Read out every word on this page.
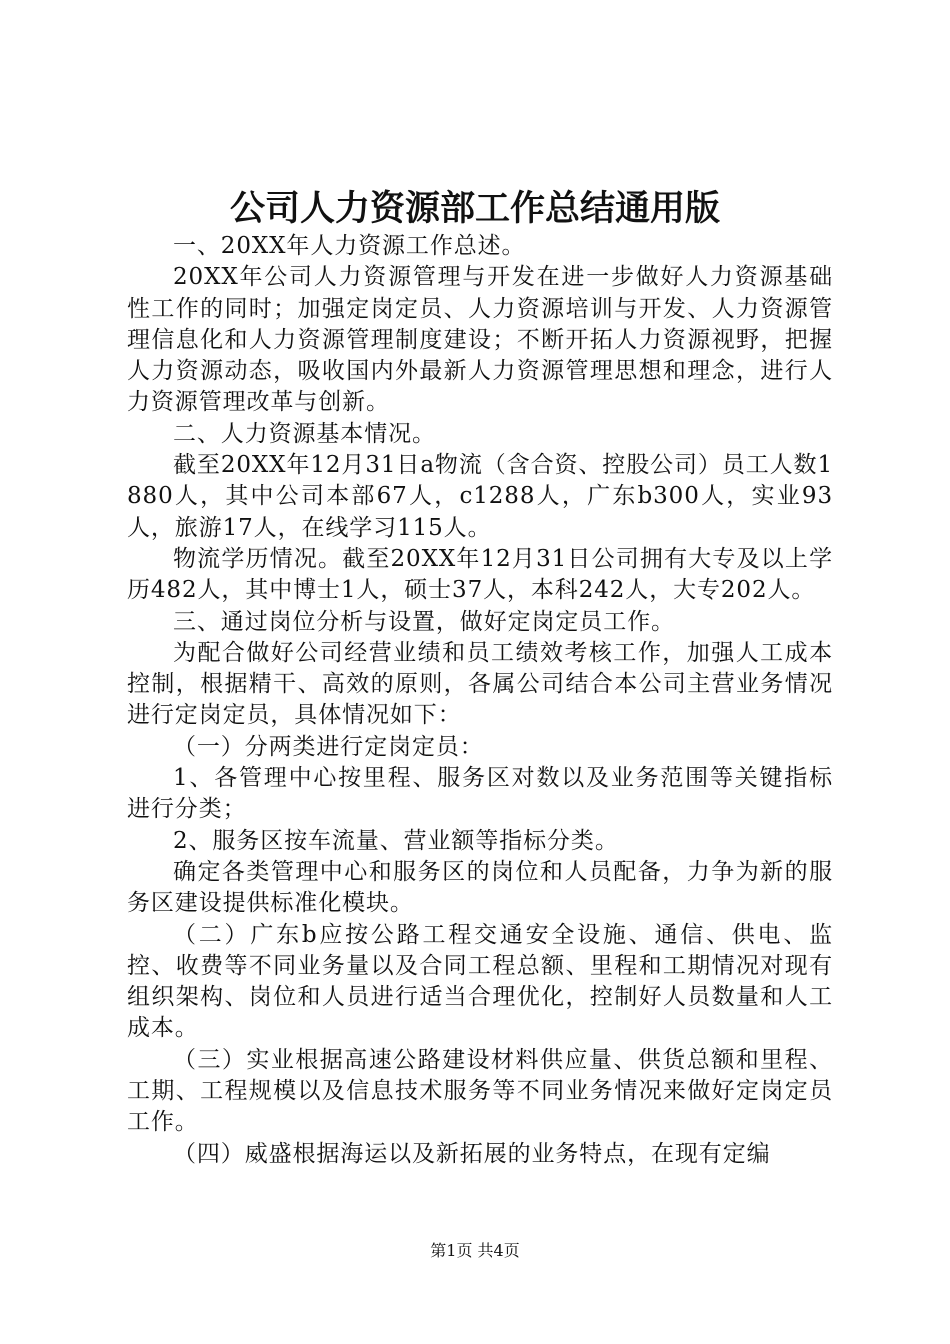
公司人力资源部工作总结通用版

一、20XX年人力资源工作总述。

20XX年公司人力资源管理与开发在进一步做好人力资源基础性工作的同时；加强定岗定员、人力资源培训与开发、人力资源管理信息化和人力资源管理制度建设；不断开拓人力资源视野，把握人力资源动态，吸收国内外最新人力资源管理思想和理念，进行人力资源管理改革与创新。

二、人力资源基本情况。

截至20XX年12月31日a物流（含合资、控股公司）员工人数1880人，其中公司本部67人，c1288人，广东b300人，实业93人，旅游17人，在线学习115人。

物流学历情况。截至20XX年12月31日公司拥有大专及以上学历482人，其中博士1人，硕士37人，本科242人，大专202人。

三、通过岗位分析与设置，做好定岗定员工作。

为配合做好公司经营业绩和员工绩效考核工作，加强人工成本控制，根据精干、高效的原则，各属公司结合本公司主营业务情况进行定岗定员，具体情况如下：

（一）分两类进行定岗定员：

1、各管理中心按里程、服务区对数以及业务范围等关键指标进行分类；

2、服务区按车流量、营业额等指标分类。

确定各类管理中心和服务区的岗位和人员配备，力争为新的服务区建设提供标准化模块。

（二）广东b应按公路工程交通安全设施、通信、供电、监控、收费等不同业务量以及合同工程总额、里程和工期情况对现有组织架构、岗位和人员进行适当合理优化，控制好人员数量和人工成本。

（三）实业根据高速公路建设材料供应量、供货总额和里程、工期、工程规模以及信息技术服务等不同业务情况来做好定岗定员工作。

（四）威盛根据海运以及新拓展的业务特点，在现有定编

第1页 共4页
